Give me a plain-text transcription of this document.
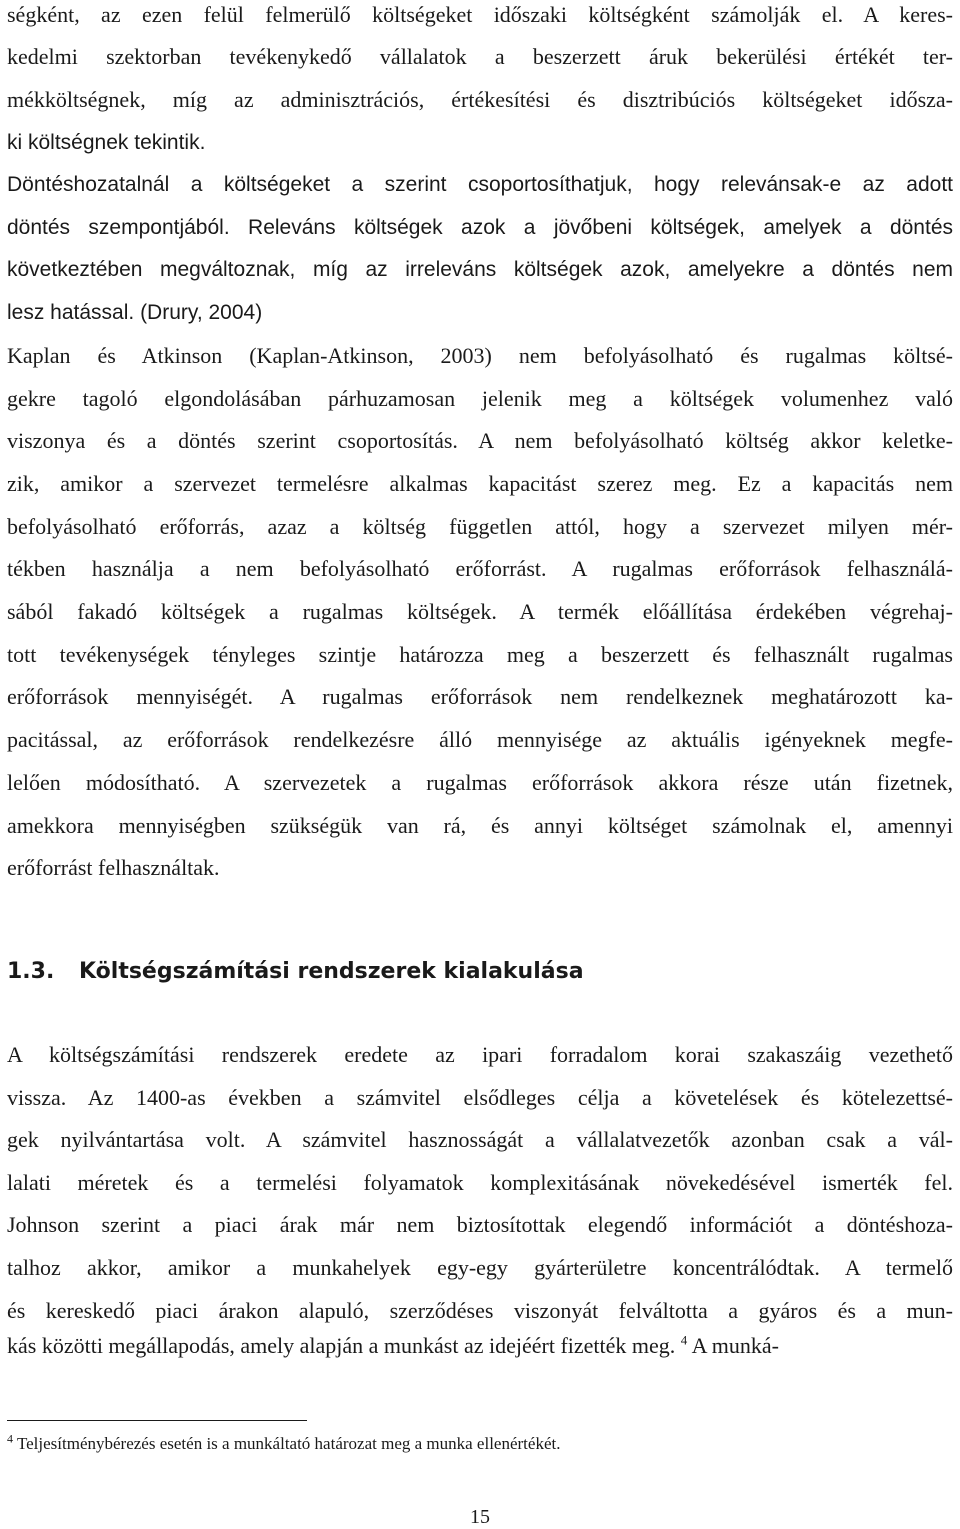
ségként, az ezen felül felmerülő költségeket időszaki költségként számolják el. A keres-
kedelmi szektorban tevékenykedő vállalatok a beszerzett áruk bekerülési értékét ter-
mékköltségnek, míg az adminisztrációs, értékesítési és disztribúciós költségeket idősza-
ki költségnek tekintik.
Döntéshozatalnál a költségeket a szerint csoportosíthatjuk, hogy relevánsak-e az adott
döntés szempontjából. Releváns költségek azok a jövőbeni költségek, amelyek a döntés
következtében megváltoznak, míg az irreleváns költségek azok, amelyekre a döntés nem
lesz hatással. (Drury, 2004)
Kaplan és Atkinson (Kaplan-Atkinson, 2003) nem befolyásolható és rugalmas költsé-
gekre tagoló elgondolásában párhuzamosan jelenik meg a költségek volumenhez való
viszonya és a döntés szerint csoportosítás. A nem befolyásolható költség akkor keletke-
zik, amikor a szervezet termelésre alkalmas kapacitást szerez meg. Ez a kapacitás nem
befolyásolható erőforrás, azaz a költség független attól, hogy a szervezet milyen mér-
tékben használja a nem befolyásolható erőforrást. A rugalmas erőforrások felhasználá-
sából fakadó költségek a rugalmas költségek. A termék előállítása érdekében végrehaj-
tott tevékenységek tényleges szintje határozza meg a beszerzett és felhasznált rugalmas
erőforrások mennyiségét. A rugalmas erőforrások nem rendelkeznek meghatározott ka-
pacitással, az erőforrások rendelkezésre álló mennyisége az aktuális igényeknek megfe-
lelően módosítható. A szervezetek a rugalmas erőforrások akkora része után fizetnek,
amekkora mennyiségben szükségük van rá, és annyi költséget számolnak el, amennyi
erőforrást felhasználtak.
1.3. Költségszámítási rendszerek kialakulása
A költségszámítási rendszerek eredete az ipari forradalom korai szakaszáig vezethető
vissza. Az 1400-as években a számvitel elsődleges célja a követelések és kötelezettsé-
gek nyilvántartása volt. A számvitel hasznosságát a vállalatvezetők azonban csak a vál-
lalati méretek és a termelési folyamatok komplexitásának növekedésével ismerték fel.
Johnson szerint a piaci árak már nem biztosítottak elegendő információt a döntéshoza-
talhoz akkor, amikor a munkahelyek egy-egy gyárterületre koncentrálódtak. A termelő
és kereskedő piaci árakon alapuló, szerződéses viszonyát felváltotta a gyáros és a mun-
kás közötti megállapodás, amely alapján a munkást az idejéért fizették meg. $^4$ A munká-
$^4$ Teljesítménybérezés esetén is a munkáltató határozat meg a munka ellenértékét.
15
